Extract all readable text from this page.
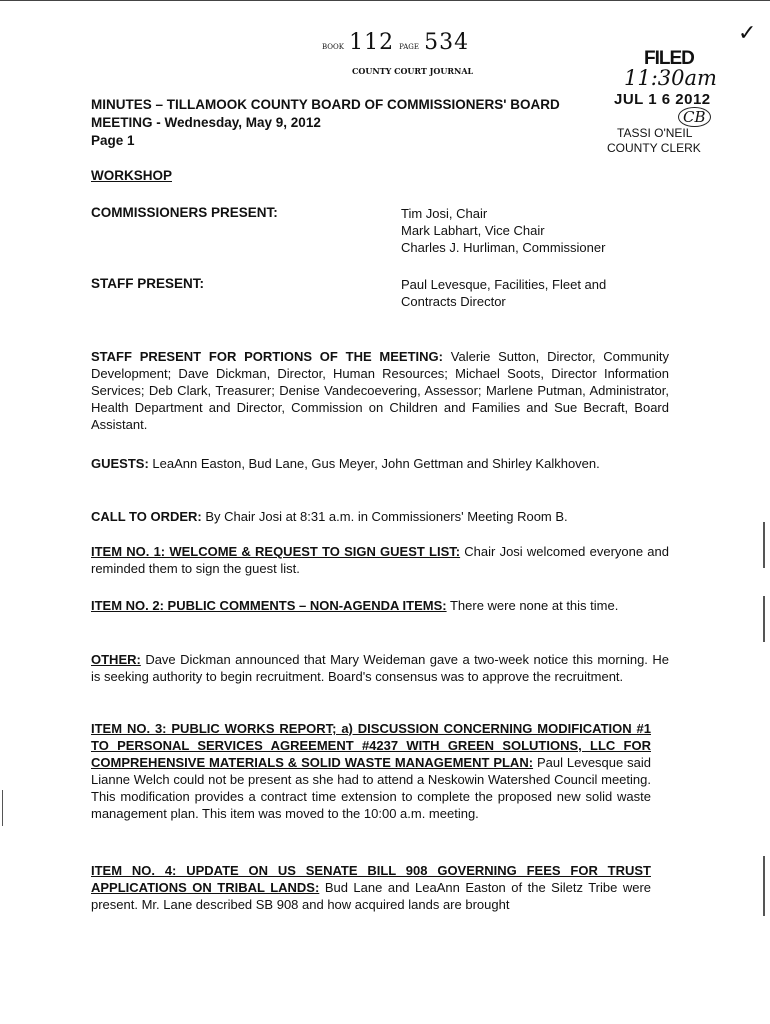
BOOK 112 PAGE 534
COUNTY COURT JOURNAL
FILED
11:30am
JUL 1 6 2012
CB
TASSI O'NEIL
COUNTY CLERK
✓
MINUTES – TILLAMOOK COUNTY BOARD OF COMMISSIONERS' BOARD
MEETING - Wednesday, May 9, 2012
Page 1
WORKSHOP
COMMISSIONERS PRESENT:	Tim Josi, Chair
Mark Labhart, Vice Chair
Charles J. Hurliman, Commissioner
STAFF PRESENT:	Paul Levesque, Facilities, Fleet and
Contracts Director
STAFF PRESENT FOR PORTIONS OF THE MEETING: Valerie Sutton, Director, Community Development; Dave Dickman, Director, Human Resources; Michael Soots, Director Information Services; Deb Clark, Treasurer; Denise Vandecoevering, Assessor; Marlene Putman, Administrator, Health Department and Director, Commission on Children and Families and Sue Becraft, Board Assistant.
GUESTS: LeaAnn Easton, Bud Lane, Gus Meyer, John Gettman and Shirley Kalkhoven.
CALL TO ORDER: By Chair Josi at 8:31 a.m. in Commissioners' Meeting Room B.
ITEM NO. 1: WELCOME & REQUEST TO SIGN GUEST LIST: Chair Josi welcomed everyone and reminded them to sign the guest list.
ITEM NO. 2: PUBLIC COMMENTS – NON-AGENDA ITEMS: There were none at this time.
OTHER: Dave Dickman announced that Mary Weideman gave a two-week notice this morning. He is seeking authority to begin recruitment. Board's consensus was to approve the recruitment.
ITEM NO. 3: PUBLIC WORKS REPORT; a) DISCUSSION CONCERNING MODIFICATION #1 TO PERSONAL SERVICES AGREEMENT #4237 WITH GREEN SOLUTIONS, LLC FOR COMPREHENSIVE MATERIALS & SOLID WASTE MANAGEMENT PLAN: Paul Levesque said Lianne Welch could not be present as she had to attend a Neskowin Watershed Council meeting. This modification provides a contract time extension to complete the proposed new solid waste management plan. This item was moved to the 10:00 a.m. meeting.
ITEM NO. 4: UPDATE ON US SENATE BILL 908 GOVERNING FEES FOR TRUST APPLICATIONS ON TRIBAL LANDS: Bud Lane and LeaAnn Easton of the Siletz Tribe were present. Mr. Lane described SB 908 and how acquired lands are brought
